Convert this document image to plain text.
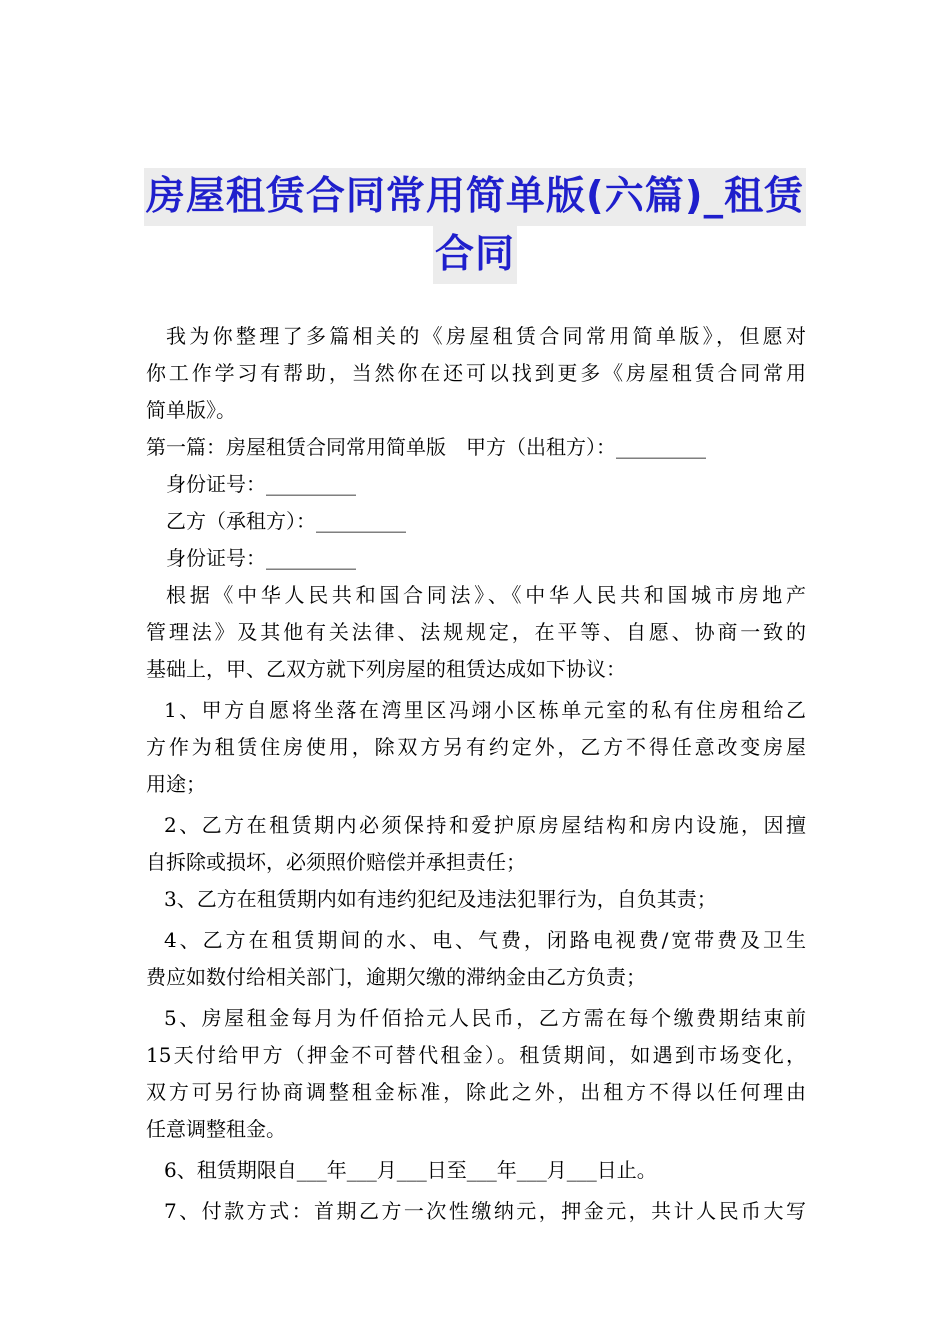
房屋租赁合同常用简单版(六篇)_租赁
合同
我为你整理了多篇相关的《房屋租赁合同常用简单版》，但愿对
你工作学习有帮助，当然你在还可以找到更多《房屋租赁合同常用
简单版》。
第一篇：房屋租赁合同常用简单版　甲方（出租方）：_________
身份证号：_________
乙方（承租方）：_________
身份证号：_________
根据《中华人民共和国合同法》、《中华人民共和国城市房地产
管理法》及其他有关法律、法规规定，在平等、自愿、协商一致的
基础上，甲、乙双方就下列房屋的租赁达成如下协议：
1、甲方自愿将坐落在湾里区冯翊小区栋单元室的私有住房租给乙
方作为租赁住房使用，除双方另有约定外，乙方不得任意改变房屋
用途；
2、乙方在租赁期内必须保持和爱护原房屋结构和房内设施，因擅
自拆除或损坏，必须照价赔偿并承担责任；
3、乙方在租赁期内如有违约犯纪及违法犯罪行为，自负其责；
4、乙方在租赁期间的水、电、气费，闭路电视费/宽带费及卫生
费应如数付给相关部门，逾期欠缴的滞纳金由乙方负责；
5、房屋租金每月为仟佰拾元人民币，乙方需在每个缴费期结束前
15天付给甲方（押金不可替代租金）。租赁期间，如遇到市场变化，
双方可另行协商调整租金标准，除此之外，出租方不得以任何理由
任意调整租金。
6、租赁期限自___年___月___日至___年___月___日止。
7、付款方式：首期乙方一次性缴纳元，押金元，共计人民币大写
